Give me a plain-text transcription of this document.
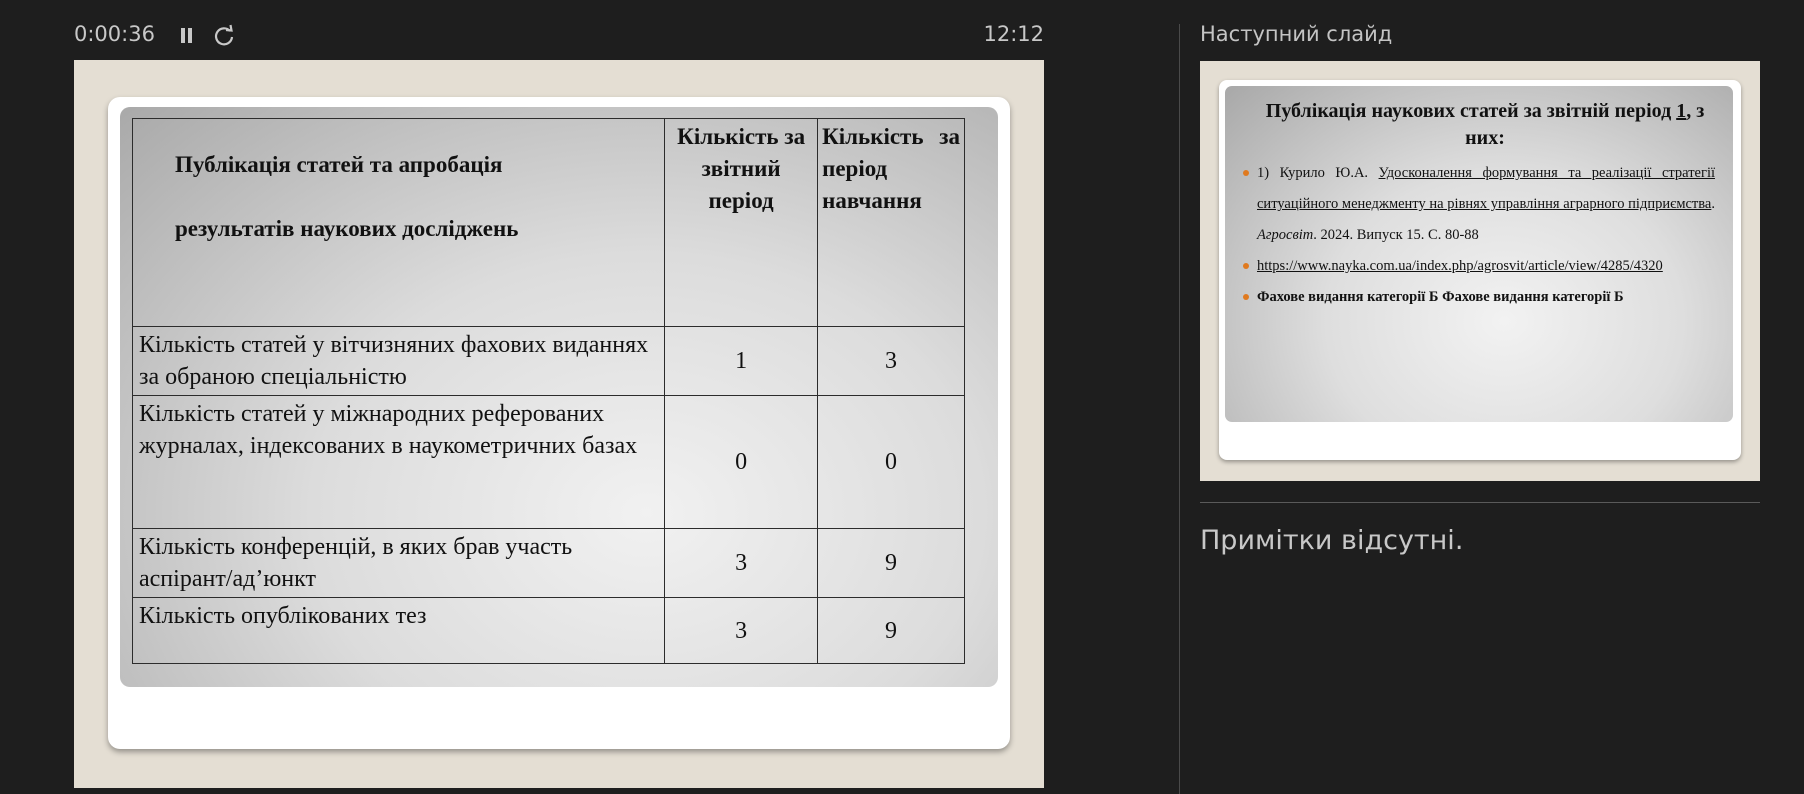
0:00:36	12:12
Публікація статей та апробація
результатів наукових досліджень	Кількість за звітний період	Кількість за період навчання
Кількість статей у вітчизняних фахових виданнях за обраною спеціальністю	1	3
Кількість статей у міжнародних реферованих журналах, індексованих в наукометричних базах	0	0
Кількість конференцій, в яких брав участь аспірант/ад’юнкт	3	9
Кількість опублікованих тез	3	9
Наступний слайд
Публікація наукових статей за звітній період 1, з них:
1) Курило Ю.А. Удосконалення формування та реалізації стратегії ситуаційного менеджменту на рівнях управління аграрного підприємства. Агросвіт. 2024. Випуск 15. С. 80-88
https://www.nayka.com.ua/index.php/agrosvit/article/view/4285/4320
Фахове видання категорії Б Фахове видання категорії Б
Примітки відсутні.
